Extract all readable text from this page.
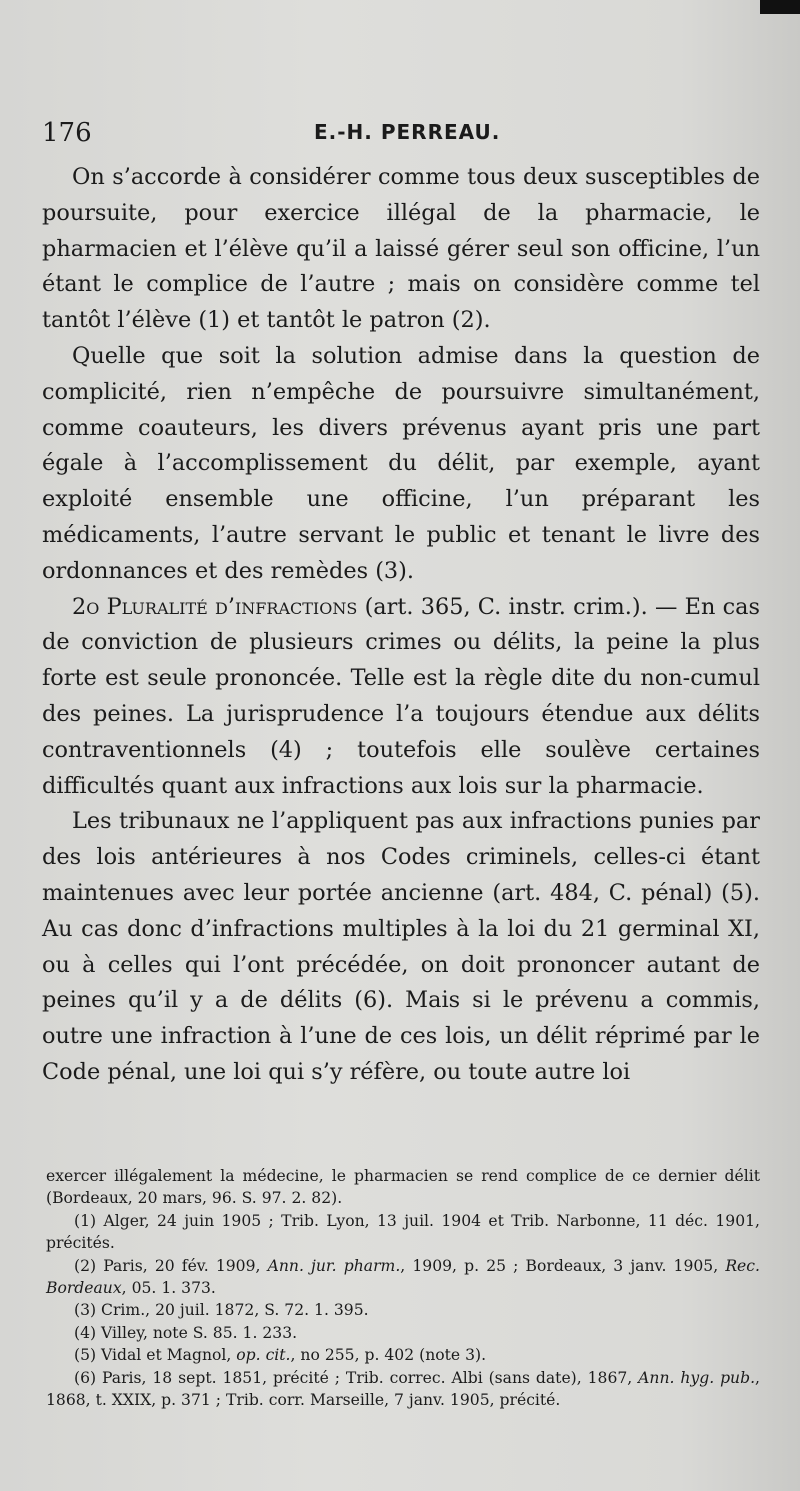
176	E.-H. PERREAU.

On s’accorde à considérer comme tous deux susceptibles de poursuite, pour exercice illégal de la pharmacie, le pharmacien et l’élève qu’il a laissé gérer seul son officine, l’un étant le complice de l’autre ; mais on considère comme tel tantôt l’élève (1) et tantôt le patron (2).

Quelle que soit la solution admise dans la question de complicité, rien n’empêche de poursuivre simultanément, comme coauteurs, les divers prévenus ayant pris une part égale à l’accomplissement du délit, par exemple, ayant exploité ensemble une officine, l’un préparant les médicaments, l’autre servant le public et tenant le livre des ordonnances et des remèdes (3).

2o Pluralité d’infractions (art. 365, C. instr. crim.). — En cas de conviction de plusieurs crimes ou délits, la peine la plus forte est seule prononcée. Telle est la règle dite du non-cumul des peines. La jurisprudence l’a toujours étendue aux délits contraventionnels (4) ; toutefois elle soulève certaines difficultés quant aux infractions aux lois sur la pharmacie.

Les tribunaux ne l’appliquent pas aux infractions punies par des lois antérieures à nos Codes criminels, celles-ci étant maintenues avec leur portée ancienne (art. 484, C. pénal) (5). Au cas donc d’infractions multiples à la loi du 21 germinal XI, ou à celles qui l’ont précédée, on doit prononcer autant de peines qu’il y a de délits (6). Mais si le prévenu a commis, outre une infraction à l’une de ces lois, un délit réprimé par le Code pénal, une loi qui s’y réfère, ou toute autre loi

exercer illégalement la médecine, le pharmacien se rend complice de ce dernier délit (Bordeaux, 20 mars, 96. S. 97. 2. 82).

(1) Alger, 24 juin 1905 ; Trib. Lyon, 13 juil. 1904 et Trib. Narbonne, 11 déc. 1901, précités.

(2) Paris, 20 fév. 1909, Ann. jur. pharm., 1909, p. 25 ; Bordeaux, 3 janv. 1905, Rec. Bordeaux, 05. 1. 373.

(3) Crim., 20 juil. 1872, S. 72. 1. 395.

(4) Villey, note S. 85. 1. 233.

(5) Vidal et Magnol, op. cit., no 255, p. 402 (note 3).

(6) Paris, 18 sept. 1851, précité ; Trib. correc. Albi (sans date), 1867, Ann. hyg. pub., 1868, t. XXIX, p. 371 ; Trib. corr. Marseille, 7 janv. 1905, précité.
